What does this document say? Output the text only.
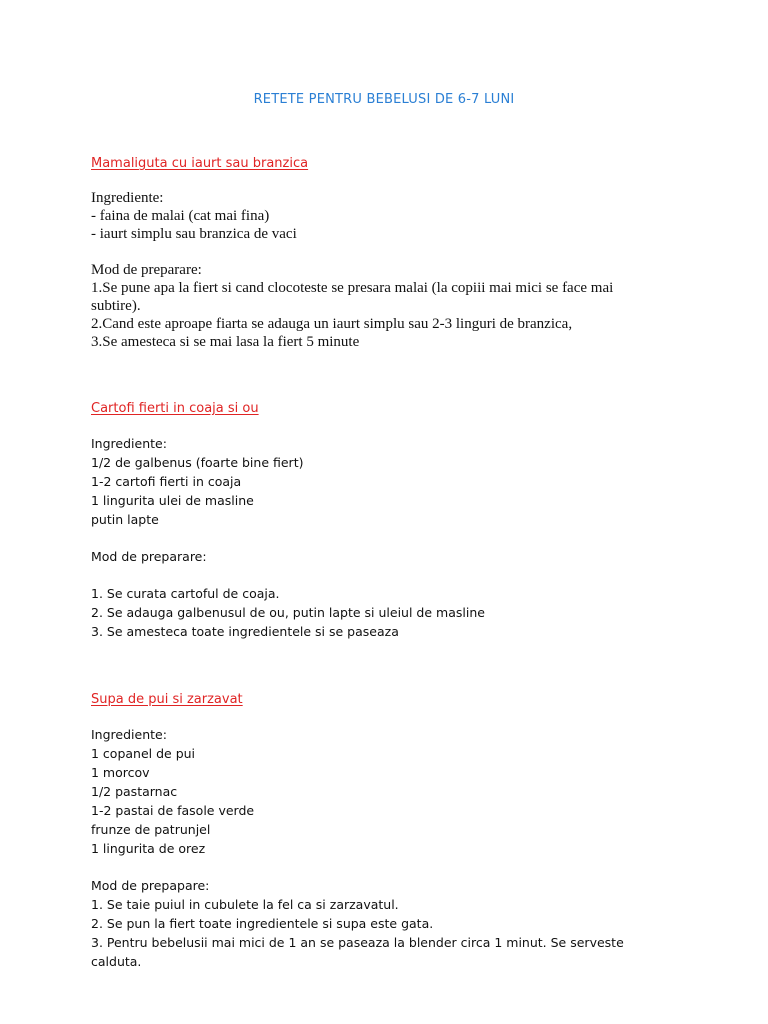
RETETE PENTRU BEBELUSI DE 6-7 LUNI
Mamaliguta cu iaurt sau branzica
Ingrediente:
- faina de malai (cat mai fina)
- iaurt simplu sau branzica de vaci
Mod de preparare:
1.Se pune apa la fiert si cand clocoteste se presara malai (la copiii mai mici se face mai subtire).
2.Cand este aproape fiarta se adauga un iaurt simplu sau 2-3 linguri de branzica,
3.Se amesteca si se mai lasa la fiert 5 minute
Cartofi fierti in coaja si ou
Ingrediente:
1/2 de galbenus (foarte bine fiert)
1-2 cartofi fierti in coaja
1 lingurita ulei de masline
putin lapte
Mod de preparare:
1. Se curata cartoful de coaja.
2. Se adauga galbenusul de ou, putin lapte si uleiul de masline
3. Se amesteca toate ingredientele si se paseaza
Supa de pui si zarzavat
Ingrediente:
1 copanel de pui
1 morcov
1/2 pastarnac
1-2 pastai de fasole verde
frunze de patrunjel
1 lingurita de orez
Mod de prepapare:
1. Se taie puiul in cubulete la fel ca si zarzavatul.
2. Se pun la fiert toate ingredientele si supa este gata.
3. Pentru bebelusii mai mici de 1 an se paseaza la blender circa 1 minut. Se serveste calduta.
